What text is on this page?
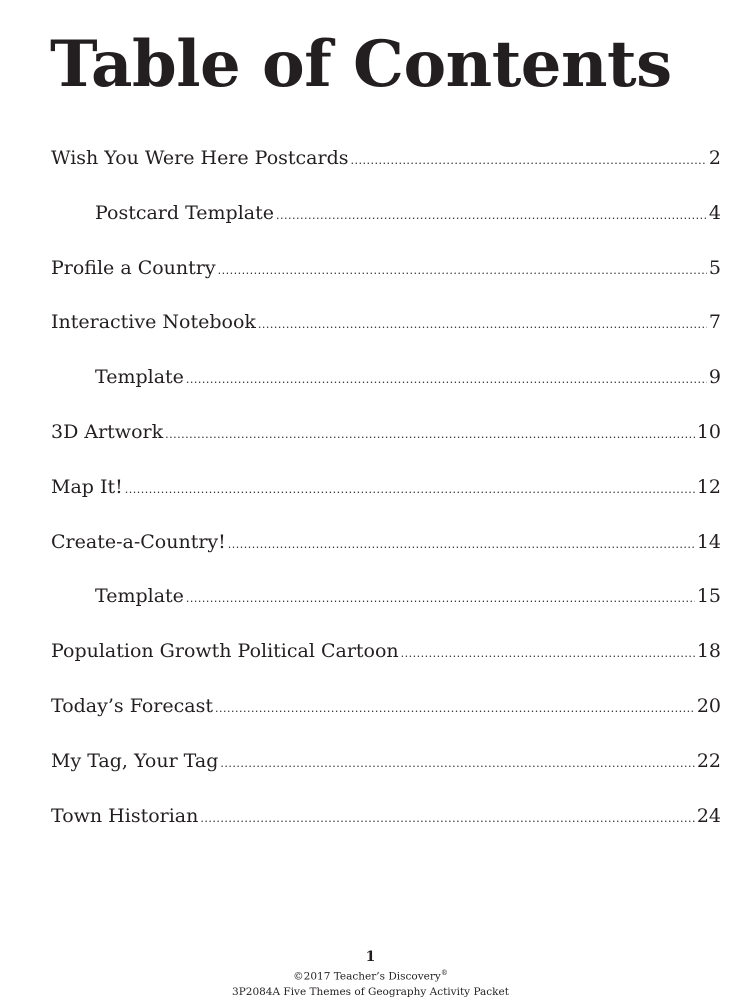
Table of Contents
Wish You Were Here Postcards .....	2
Postcard Template .....	4
Profile a Country .....	5
Interactive Notebook .....	7
Template .....	9
3D Artwork .....	10
Map It! .....	12
Create-a-Country! .....	14
Template .....	15
Population Growth Political Cartoon .....	18
Today’s Forecast .....	20
My Tag, Your Tag .....	22
Town Historian .....	24
1
©2017 Teacher’s Discovery®
3P2084A Five Themes of Geography Activity Packet
